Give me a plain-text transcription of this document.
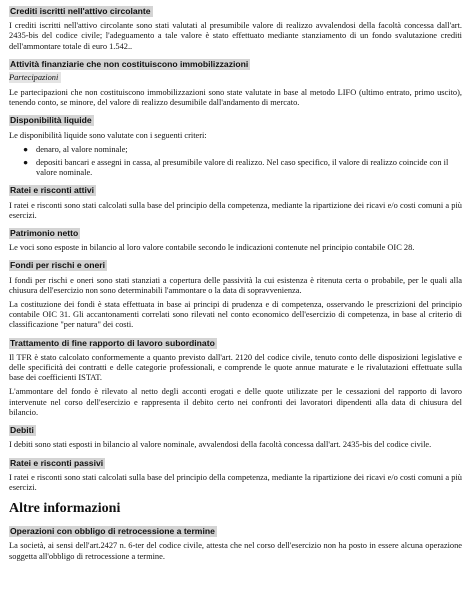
Crediti iscritti nell'attivo circolante

I crediti iscritti nell'attivo circolante sono stati valutati al presumibile valore di realizzo avvalendosi della facoltà concessa dall'art. 2435-bis del codice civile; l'adeguamento a tale valore è stato effettuato mediante stanziamento di un fondo svalutazione crediti dell'ammontare totale di euro 1.542..

Attività finanziarie che non costituiscono immobilizzazioni
Partecipazioni

Le partecipazioni che non costituiscono immobilizzazioni sono state valutate in base al metodo LIFO (ultimo entrato, primo uscito), tenendo conto, se minore, del valore di realizzo desumibile dall'andamento di mercato.

Disponibilità liquide

Le disponibilità liquide sono valutate con i seguenti criteri:

● denaro, al valore nominale;
● depositi bancari e assegni in cassa, al presumibile valore di realizzo. Nel caso specifico, il valore di realizzo coincide con il valore nominale.
Ratei e risconti attivi

I ratei e risconti sono stati calcolati sulla base del principio della competenza, mediante la ripartizione dei ricavi e/o costi comuni a più esercizi.

Patrimonio netto

Le voci sono esposte in bilancio al loro valore contabile secondo le indicazioni contenute nel principio contabile OIC 28.

Fondi per rischi e oneri

I fondi per rischi e oneri sono stati stanziati a copertura delle passività la cui esistenza è ritenuta certa o probabile, per le quali alla chiusura dell'esercizio non sono determinabili l'ammontare o la data di sopravvenienza.

La costituzione dei fondi è stata effettuata in base ai principi di prudenza e di competenza, osservando le prescrizioni del principio contabile OIC 31. Gli accantonamenti correlati sono rilevati nel conto economico dell'esercizio di competenza, in base al criterio di classificazione "per natura" dei costi.

Trattamento di fine rapporto di lavoro subordinato

Il TFR è stato calcolato conformemente a quanto previsto dall'art. 2120 del codice civile, tenuto conto delle disposizioni legislative e delle specificità dei contratti e delle categorie professionali, e comprende le quote annue maturate e le rivalutazioni effettuate sulla base dei coefficienti ISTAT.

L'ammontare del fondo è rilevato al netto degli acconti erogati e delle quote utilizzate per le cessazioni del rapporto di lavoro intervenute nel corso dell'esercizio e rappresenta il debito certo nei confronti dei lavoratori dipendenti alla data di chiusura del bilancio.

Debiti

I debiti sono stati esposti in bilancio al valore nominale, avvalendosi della facoltà concessa dall'art. 2435-bis del codice civile.

Ratei e risconti passivi

I ratei e risconti sono stati calcolati sulla base del principio della competenza, mediante la ripartizione dei ricavi e/o costi comuni a più esercizi.

Altre informazioni
Operazioni con obbligo di retrocessione a termine

La società, ai sensi dell'art.2427 n. 6-ter del codice civile, attesta che nel corso dell'esercizio non ha posto in essere alcuna operazione soggetta all'obbligo di retrocessione a termine.
